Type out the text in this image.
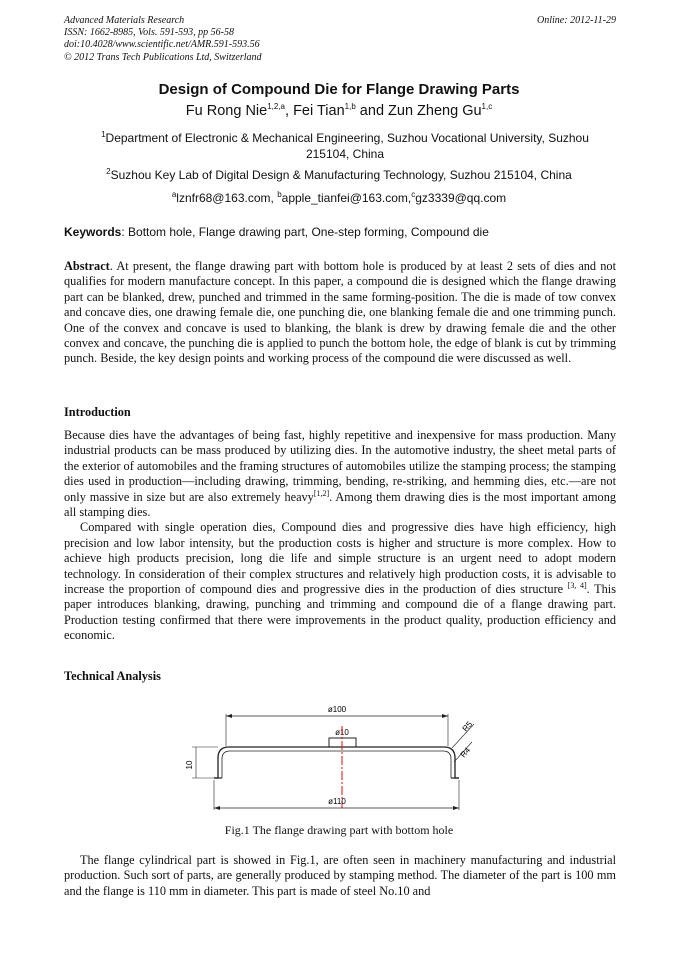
Advanced Materials Research
ISSN: 1662-8985, Vols. 591-593, pp 56-58
doi:10.4028/www.scientific.net/AMR.591-593.56
© 2012 Trans Tech Publications Ltd, Switzerland
Online: 2012-11-29
Design of Compound Die for Flange Drawing Parts
Fu Rong Nie$^{1,2,a}$, Fei Tian$^{1,b}$ and Zun Zheng Gu$^{1,c}$
$^1$Department of Electronic & Mechanical Engineering, Suzhou Vocational University, Suzhou 215104, China
$^2$Suzhou Key Lab of Digital Design & Manufacturing Technology, Suzhou 215104, China
$^a$lznfr68@163.com, $^b$apple_tianfei@163.com,$^c$gz3339@qq.com
Keywords: Bottom hole, Flange drawing part, One-step forming, Compound die
Abstract. At present, the flange drawing part with bottom hole is produced by at least 2 sets of dies and not qualifies for modern manufacture concept. In this paper, a compound die is designed which the flange drawing part can be blanked, drew, punched and trimmed in the same forming-position. The die is made of tow convex and concave dies, one drawing female die, one punching die, one blanking female die and one trimming punch. One of the convex and concave is used to blanking, the blank is drew by drawing female die and the other convex and concave, the punching die is applied to punch the bottom hole, the edge of blank is cut by trimming punch. Beside, the key design points and working process of the compound die were discussed as well.
Introduction

Because dies have the advantages of being fast, highly repetitive and inexpensive for mass production. Many industrial products can be mass produced by utilizing dies. In the automotive industry, the sheet metal parts of the exterior of automobiles and the framing structures of automobiles utilize the stamping process; the stamping dies used in production—including drawing, trimming, bending, re-striking, and hemming dies, etc.—are not only massive in size but are also extremely heavy[1,2]. Among them drawing dies is the most important among all stamping dies.

Compared with single operation dies, Compound dies and progressive dies have high efficiency, high precision and low labor intensity, but the production costs is higher and structure is more complex. How to achieve high products precision, long die life and simple structure is an urgent need to adopt modern technology. In consideration of their complex structures and relatively high production costs, it is advisable to increase the proportion of compound dies and progressive dies in the production of dies structure [3, 4]. This paper introduces blanking, drawing, punching and trimming and compound die of a flange drawing part. Production testing confirmed that there were improvements in the product quality, production efficiency and economic.

Technical Analysis
ø100
ø10
10
R5
R4
ø110
Fig.1 The flange drawing part with bottom hole

The flange cylindrical part is showed in Fig.1, are often seen in machinery manufacturing and industrial production. Such sort of parts, are generally produced by stamping method. The diameter of the part is 100 mm and the flange is 110 mm in diameter. This part is made of steel No.10 and
